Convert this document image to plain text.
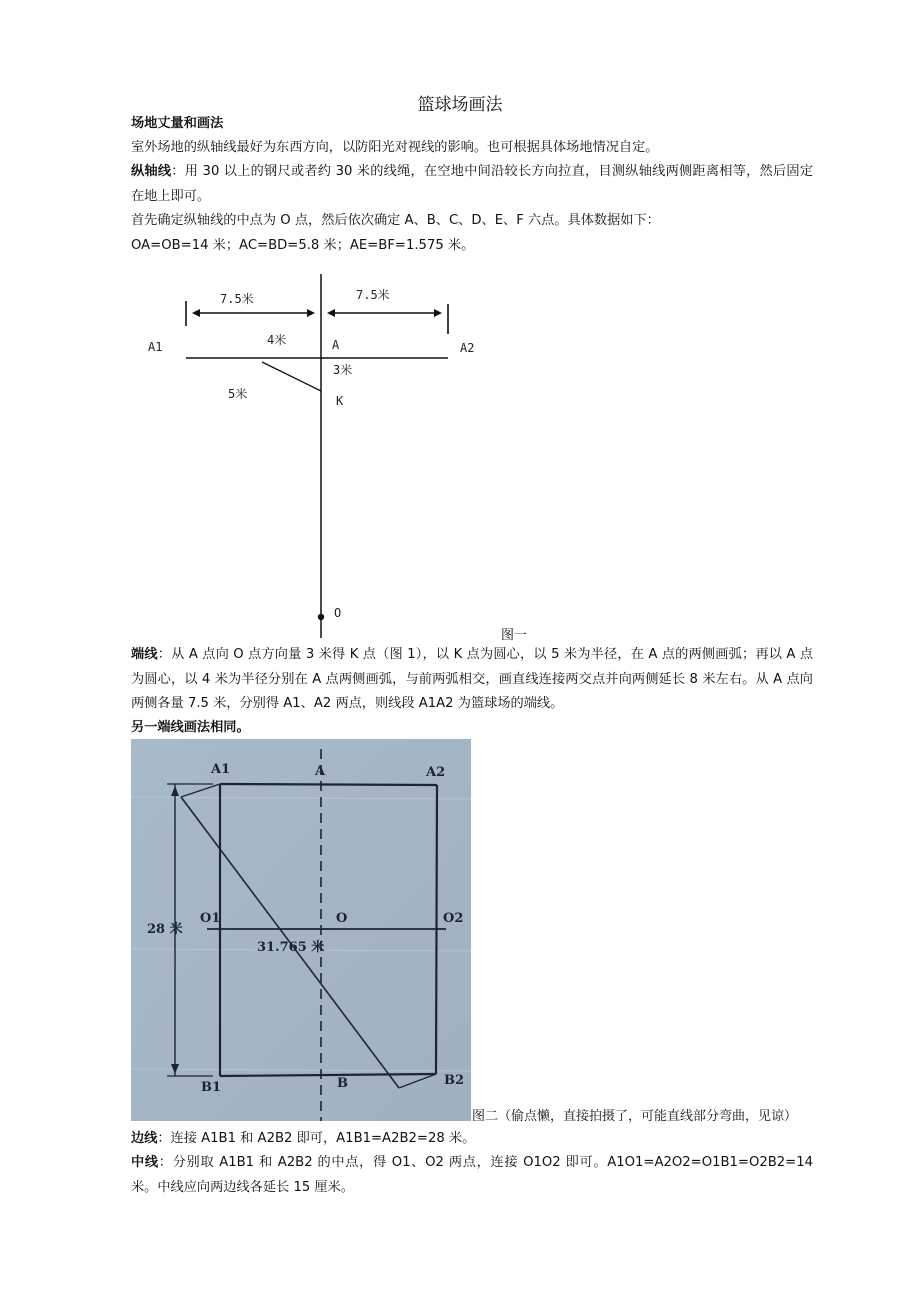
篮球场画法
场地丈量和画法
室外场地的纵轴线最好为东西方向，以防阳光对视线的影响。也可根据具体场地情况自定。
纵轴线：用 30 以上的钢尺或者约 30 米的线绳，在空地中间沿较长方向拉直，目测纵轴线两侧距离相等，然后固定在地上即可。
首先确定纵轴线的中点为 O 点，然后依次确定 A、B、C、D、E、F 六点。具体数据如下：
OA=OB=14 米；AC=BD=5.8 米；AE=BF=1.575 米。
7.5米	7.5米
A1	A2
A
4米
3米
5米	K
O
图一
端线：从 A 点向 O 点方向量 3 米得 K 点（图 1），以 K 点为圆心，以 5 米为半径，在 A 点的两侧画弧；再以 A 点为圆心，以 4 米为半径分别在 A 点两侧画弧，与前两弧相交，画直线连接两交点并向两侧延长 8 米左右。从 A 点向两侧各量 7.5 米，分别得 A1、A2 两点，则线段 A1A2 为篮球场的端线。
另一端线画法相同。
A1	A	A2
O1	O	O2
28 米
31.765 米
B1	B	B2
图二（偷点懒，直接拍摄了，可能直线部分弯曲，见谅）
边线：连接 A1B1 和 A2B2 即可，A1B1=A2B2=28 米。
中线：分别取 A1B1 和 A2B2 的中点，得 O1、O2 两点，连接 O1O2 即可。A1O1=A2O2=O1B1=O2B2=14 米。中线应向两边线各延长 15 厘米。
